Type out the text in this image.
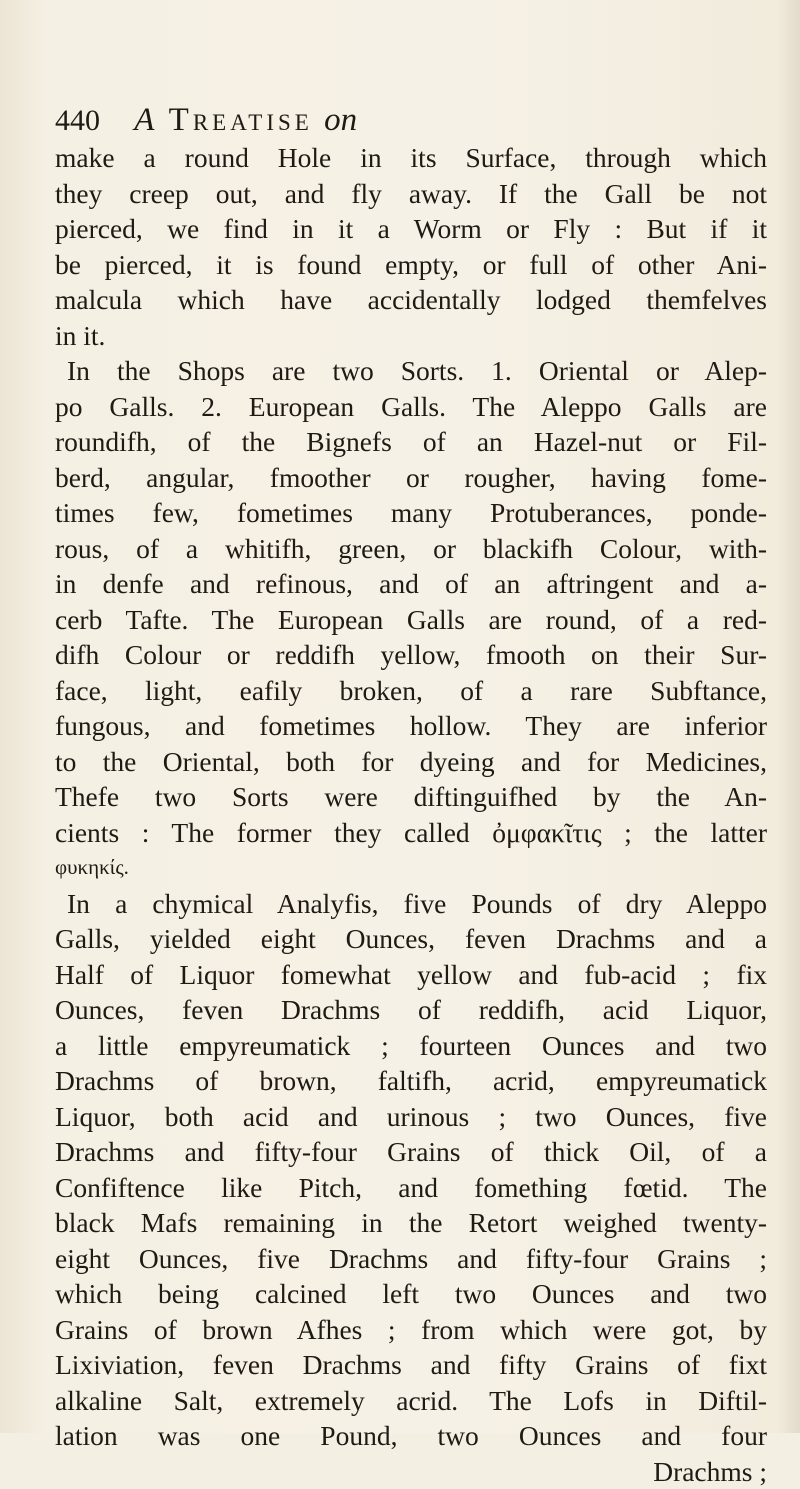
440 A Treatise on
make a round Hole in its Surface, through which
they creep out, and fly away. If the Gall be not
pierced, we find in it a Worm or Fly : But if it
be pierced, it is found empty, or full of other Ani-
malcula which have accidentally lodged themfelves
in it.
In the Shops are two Sorts. 1. Oriental or Alep-
po Galls. 2. European Galls. The Aleppo Galls are
roundifh, of the Bignefs of an Hazel-nut or Fil-
berd, angular, fmoother or rougher, having fome-
times few, fometimes many Protuberances, ponde-
rous, of a whitifh, green, or blackifh Colour, with-
in denfe and refinous, and of an aftringent and a-
cerb Tafte. The European Galls are round, of a red-
difh Colour or reddifh yellow, fmooth on their Sur-
face, light, eafily broken, of a rare Subftance,
fungous, and fometimes hollow. They are inferior
to the Oriental, both for dyeing and for Medicines,
Thefe two Sorts were diftinguifhed by the An-
cients : The former they called ὀμφακῖτις ; the latter
φυκηκίς.
In a chymical Analyfis, five Pounds of dry Aleppo
Galls, yielded eight Ounces, feven Drachms and a
Half of Liquor fomewhat yellow and fub-acid ; fix
Ounces, feven Drachms of reddifh, acid Liquor,
a little empyreumatick ; fourteen Ounces and two
Drachms of brown, faltifh, acrid, empyreumatick
Liquor, both acid and urinous ; two Ounces, five
Drachms and fifty-four Grains of thick Oil, of a
Confiftence like Pitch, and fomething fœtid. The
black Mafs remaining in the Retort weighed twenty-
eight Ounces, five Drachms and fifty-four Grains ;
which being calcined left two Ounces and two
Grains of brown Afhes ; from which were got, by
Lixiviation, feven Drachms and fifty Grains of fixt
alkaline Salt, extremely acrid. The Lofs in Diftil-
lation was one Pound, two Ounces and four
Drachms ;
